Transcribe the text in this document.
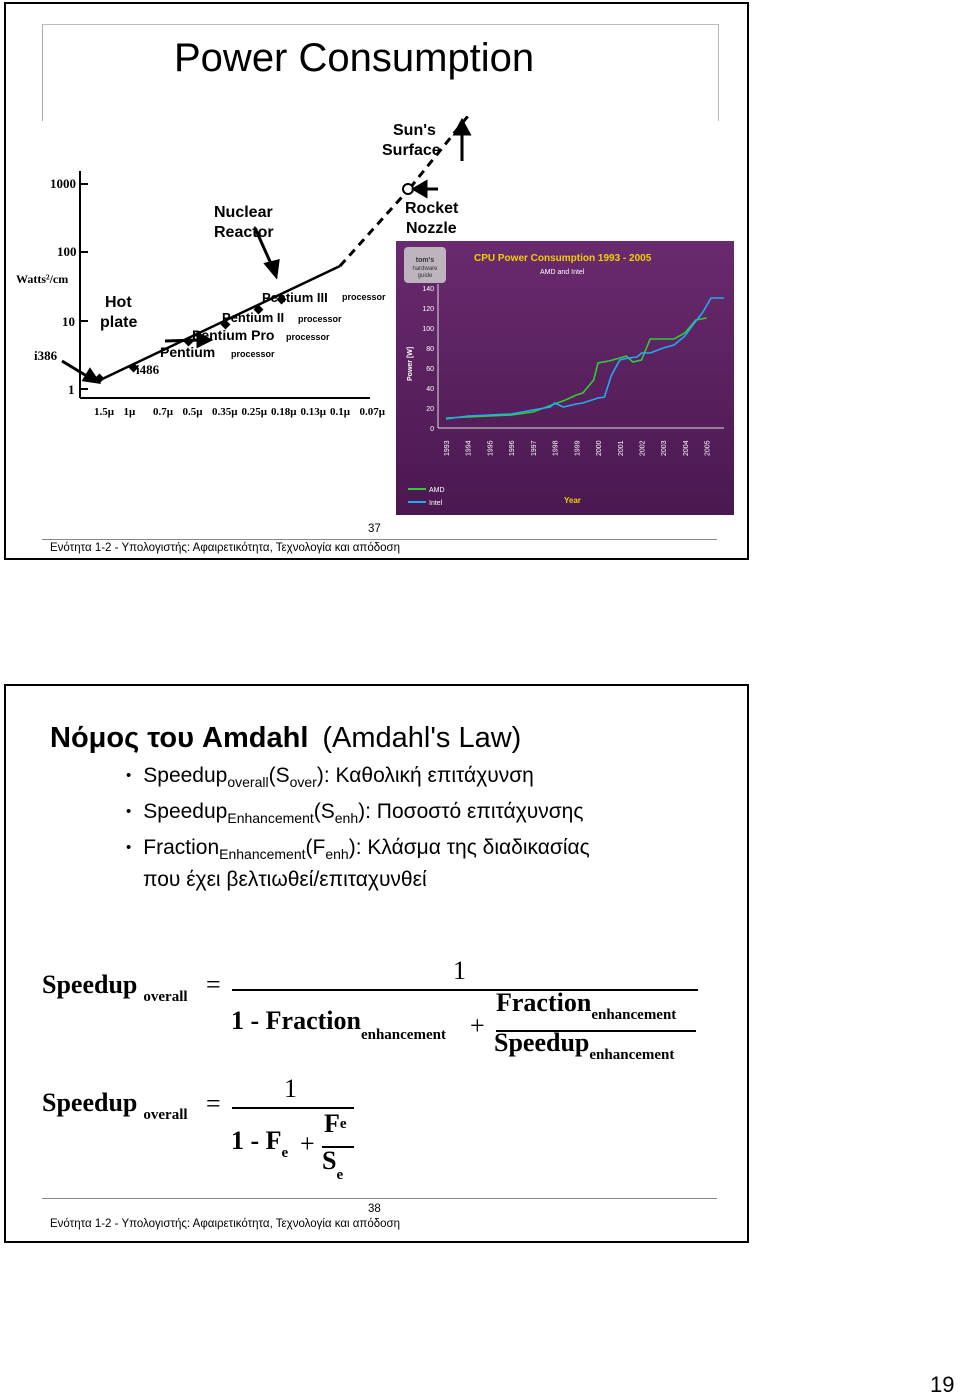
Power Consumption
1000
100
10
1
Watts²/cm
1.5μ 1μ 0.7μ 0.5μ 0.35μ 0.25μ 0.18μ 0.13μ 0.1μ 0.07μ
i386
i486
Hot
plate
Pentium processor
Pentium Pro processor
Pentium II processor
Pentium III processor
Nuclear
Reactor
Rocket
Nozzle
Sun's
Surface
tom's
hardware
guide
CPU Power Consumption 1993 - 2005
AMD and Intel
Power [W]
Year
0
20
40
60
80
100
120
140
1993 1994 1995 1996 1997 1998 1999 2000 2001 2002 2003 2004 2005
AMD
Intel
37
Ενότητα 1-2 - Υπολογιστής: Αφαιρετικότητα, Τεχνολογία και απόδοση
Νόμος του Amdahl (Amdahl's Law)
• $Speedup_{overall}(S_{over})$: Καθολική επιτάχυνση
• $Speedup_{Enhancement}(S_{enh})$: Ποσοστό επιτάχυνσης
• $Fraction_{Enhancement}(F_{enh})$: Κλάσμα της διαδικασίας
που έχει βελτιωθεί/επιταχυνθεί
Speedup overall =	1
1 - Fractionenhancement +
Fractionenhancement
Speedupenhancement
Speedup overall =
1
1 - Fe +
Fe
Se
38
Ενότητα 1-2 - Υπολογιστής: Αφαιρετικότητα, Τεχνολογία και απόδοση
19
